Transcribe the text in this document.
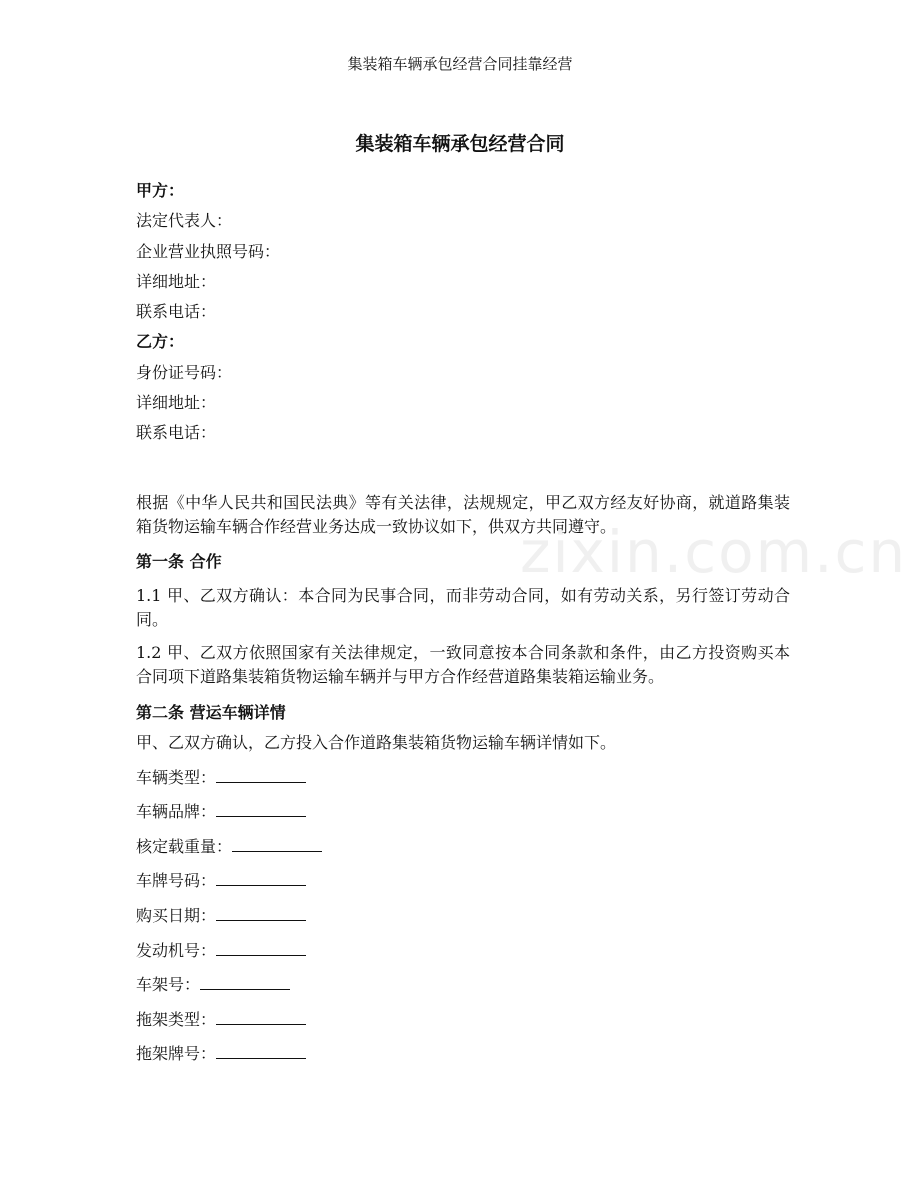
集装箱车辆承包经营合同挂靠经营
集装箱车辆承包经营合同
甲方：
法定代表人：
企业营业执照号码：
详细地址：
联系电话：
乙方：
身份证号码：
详细地址：
联系电话：

根据《中华人民共和国民法典》等有关法律，法规规定，甲乙双方经友好协商，就道路集装箱货物运输车辆合作经营业务达成一致协议如下，供双方共同遵守。

第一条 合作

1.1 甲、乙双方确认：本合同为民事合同，而非劳动合同，如有劳动关系，另行签订劳动合同。

1.2 甲、乙双方依照国家有关法律规定，一致同意按本合同条款和条件，由乙方投资购买本合同项下道路集装箱货物运输车辆并与甲方合作经营道路集装箱运输业务。

第二条 营运车辆详情

甲、乙双方确认，乙方投入合作道路集装箱货物运输车辆详情如下。

车辆类型：
车辆品牌：
核定载重量：
车牌号码：
购买日期：
发动机号：
车架号：
拖架类型：
拖架牌号：
zixin.com.cn
